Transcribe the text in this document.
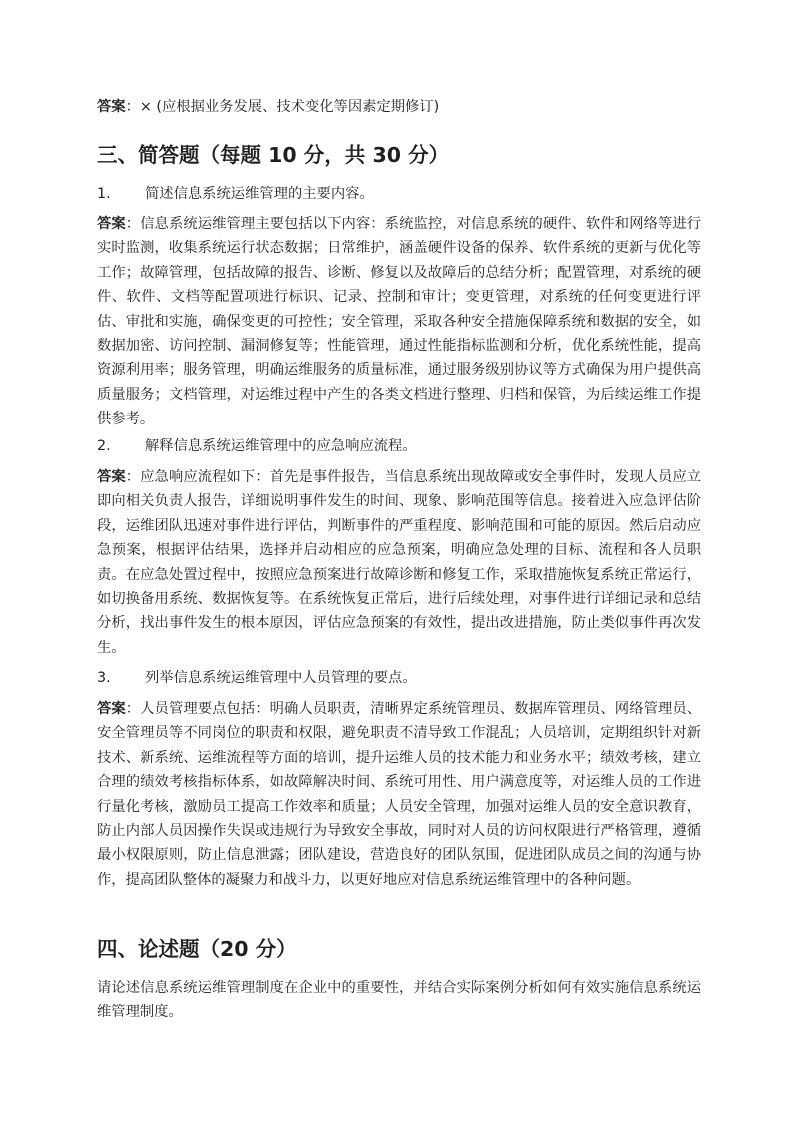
答案：× (应根据业务发展、技术变化等因素定期修订)
三、简答题（每题 10 分，共 30 分）
1. 简述信息系统运维管理的主要内容。
答案：信息系统运维管理主要包括以下内容：系统监控，对信息系统的硬件、软件和网络等进行实时监测，收集系统运行状态数据；日常维护，涵盖硬件设备的保养、软件系统的更新与优化等工作；故障管理，包括故障的报告、诊断、修复以及故障后的总结分析；配置管理，对系统的硬件、软件、文档等配置项进行标识、记录、控制和审计；变更管理，对系统的任何变更进行评估、审批和实施，确保变更的可控性；安全管理，采取各种安全措施保障系统和数据的安全，如数据加密、访问控制、漏洞修复等；性能管理，通过性能指标监测和分析，优化系统性能，提高资源利用率；服务管理，明确运维服务的质量标准，通过服务级别协议等方式确保为用户提供高质量服务；文档管理，对运维过程中产生的各类文档进行整理、归档和保管，为后续运维工作提供参考。
2. 解释信息系统运维管理中的应急响应流程。
答案：应急响应流程如下：首先是事件报告，当信息系统出现故障或安全事件时，发现人员应立即向相关负责人报告，详细说明事件发生的时间、现象、影响范围等信息。接着进入应急评估阶段，运维团队迅速对事件进行评估，判断事件的严重程度、影响范围和可能的原因。然后启动应急预案，根据评估结果，选择并启动相应的应急预案，明确应急处理的目标、流程和各人员职责。在应急处置过程中，按照应急预案进行故障诊断和修复工作，采取措施恢复系统正常运行，如切换备用系统、数据恢复等。在系统恢复正常后，进行后续处理，对事件进行详细记录和总结分析，找出事件发生的根本原因，评估应急预案的有效性，提出改进措施，防止类似事件再次发生。
3. 列举信息系统运维管理中人员管理的要点。
答案：人员管理要点包括：明确人员职责，清晰界定系统管理员、数据库管理员、网络管理员、安全管理员等不同岗位的职责和权限，避免职责不清导致工作混乱；人员培训，定期组织针对新技术、新系统、运维流程等方面的培训，提升运维人员的技术能力和业务水平；绩效考核，建立合理的绩效考核指标体系，如故障解决时间、系统可用性、用户满意度等，对运维人员的工作进行量化考核，激励员工提高工作效率和质量；人员安全管理，加强对运维人员的安全意识教育，防止内部人员因操作失误或违规行为导致安全事故，同时对人员的访问权限进行严格管理，遵循最小权限原则，防止信息泄露；团队建设，营造良好的团队氛围，促进团队成员之间的沟通与协作，提高团队整体的凝聚力和战斗力，以更好地应对信息系统运维管理中的各种问题。
四、论述题（20 分）
请论述信息系统运维管理制度在企业中的重要性，并结合实际案例分析如何有效实施信息系统运维管理制度。
